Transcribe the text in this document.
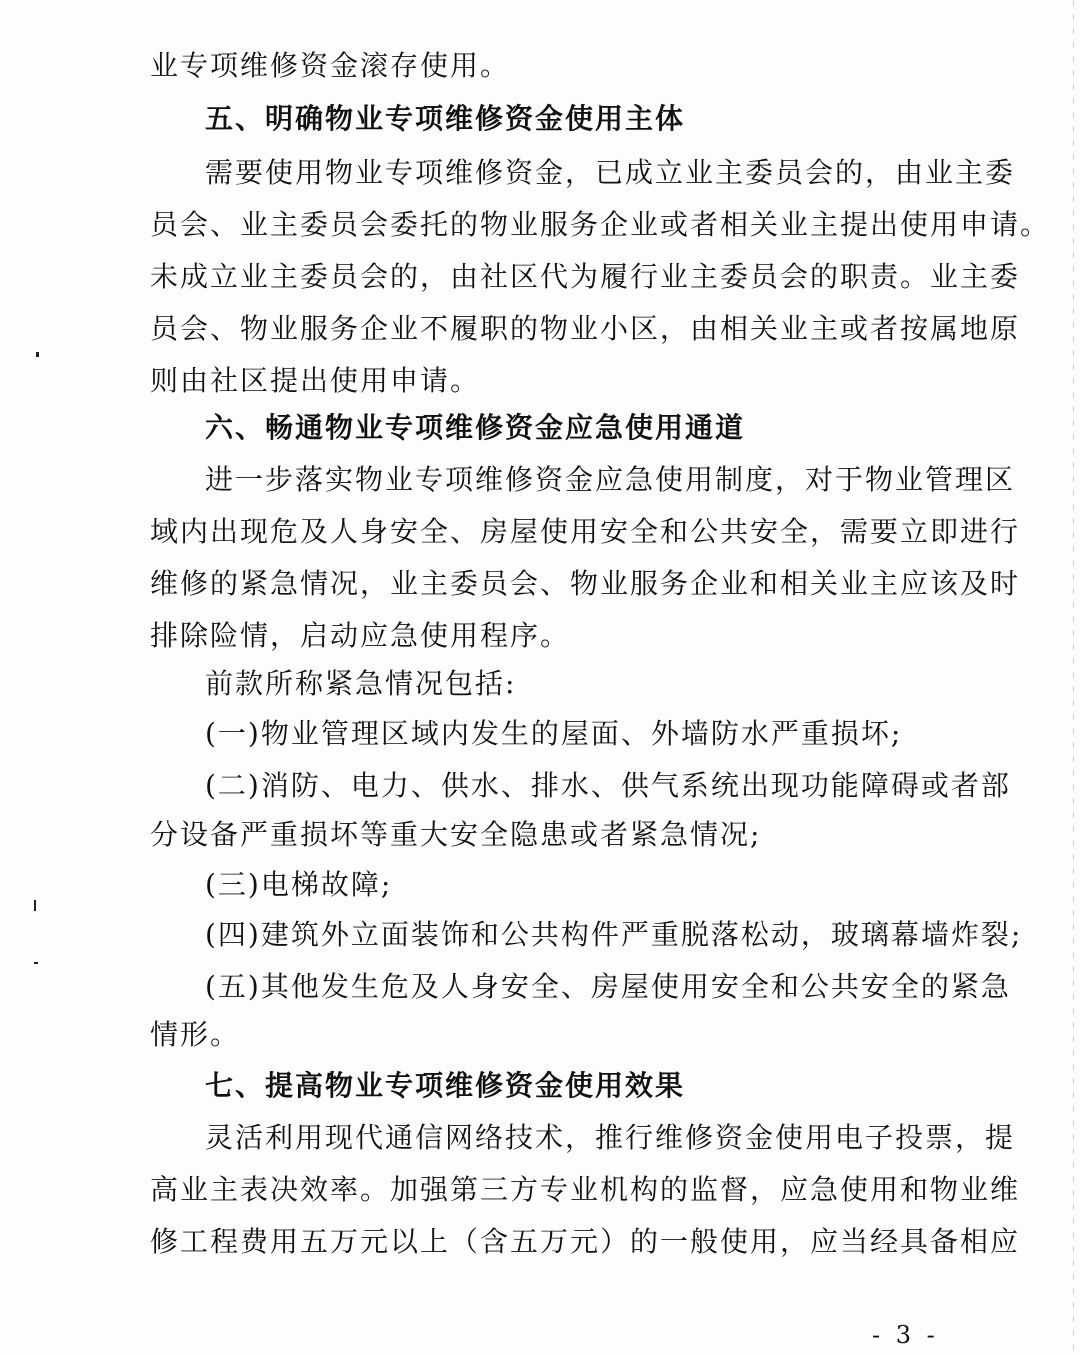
业专项维修资金滚存使用。
五、明确物业专项维修资金使用主体
需要使用物业专项维修资金，已成立业主委员会的，由业主委
员会、业主委员会委托的物业服务企业或者相关业主提出使用申请。
未成立业主委员会的，由社区代为履行业主委员会的职责。业主委
员会、物业服务企业不履职的物业小区，由相关业主或者按属地原
则由社区提出使用申请。
六、畅通物业专项维修资金应急使用通道
进一步落实物业专项维修资金应急使用制度，对于物业管理区
域内出现危及人身安全、房屋使用安全和公共安全，需要立即进行
维修的紧急情况，业主委员会、物业服务企业和相关业主应该及时
排除险情，启动应急使用程序。
前款所称紧急情况包括:
(一)物业管理区域内发生的屋面、外墙防水严重损坏;
(二)消防、电力、供水、排水、供气系统出现功能障碍或者部
分设备严重损坏等重大安全隐患或者紧急情况;
(三)电梯故障;
(四)建筑外立面装饰和公共构件严重脱落松动，玻璃幕墙炸裂;
(五)其他发生危及人身安全、房屋使用安全和公共安全的紧急
情形。
七、提高物业专项维修资金使用效果
灵活利用现代通信网络技术，推行维修资金使用电子投票，提
高业主表决效率。加强第三方专业机构的监督，应急使用和物业维
修工程费用五万元以上（含五万元）的一般使用，应当经具备相应
- 3 -
